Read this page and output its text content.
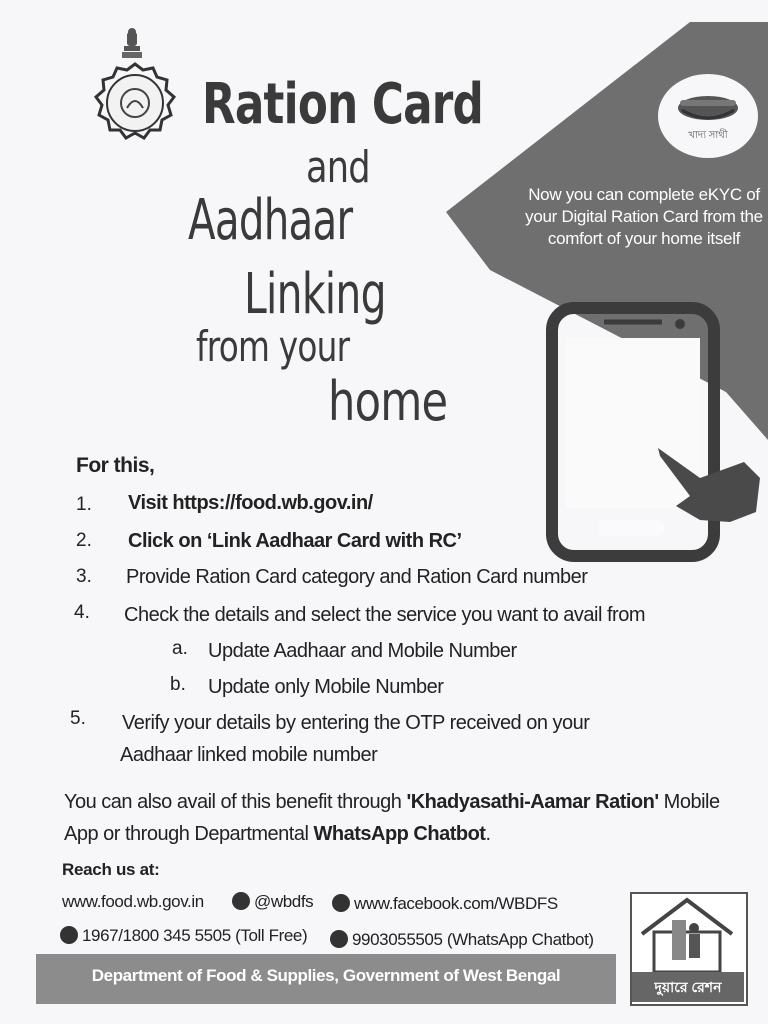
Ration Card
and
Aadhaar
Linking
from your
home
খাদ্য সাথী
Now you can complete eKYC of your Digital Ration Card from the comfort of your home itself

For this,

1. Visit https://food.wb.gov.in/
2. Click on ‘Link Aadhaar Card with RC’
3. Provide Ration Card category and Ration Card number
4. Check the details and select the service you want to avail from
a. Update Aadhaar and Mobile Number
b. Update only Mobile Number
5. Verify your details by entering the OTP received on your
Aadhaar linked mobile number
You can also avail of this benefit through 'Khadyasathi-Aamar Ration' Mobile App or through Departmental WhatsApp Chatbot.
Reach us at:
www.food.wb.gov.in	@wbdfs	www.facebook.com/WBDFS
1967/1800 345 5505 (Toll Free)	9903055505 (WhatsApp Chatbot)
Department of Food & Supplies, Government of West Bengal
দুয়ারে রেশন
